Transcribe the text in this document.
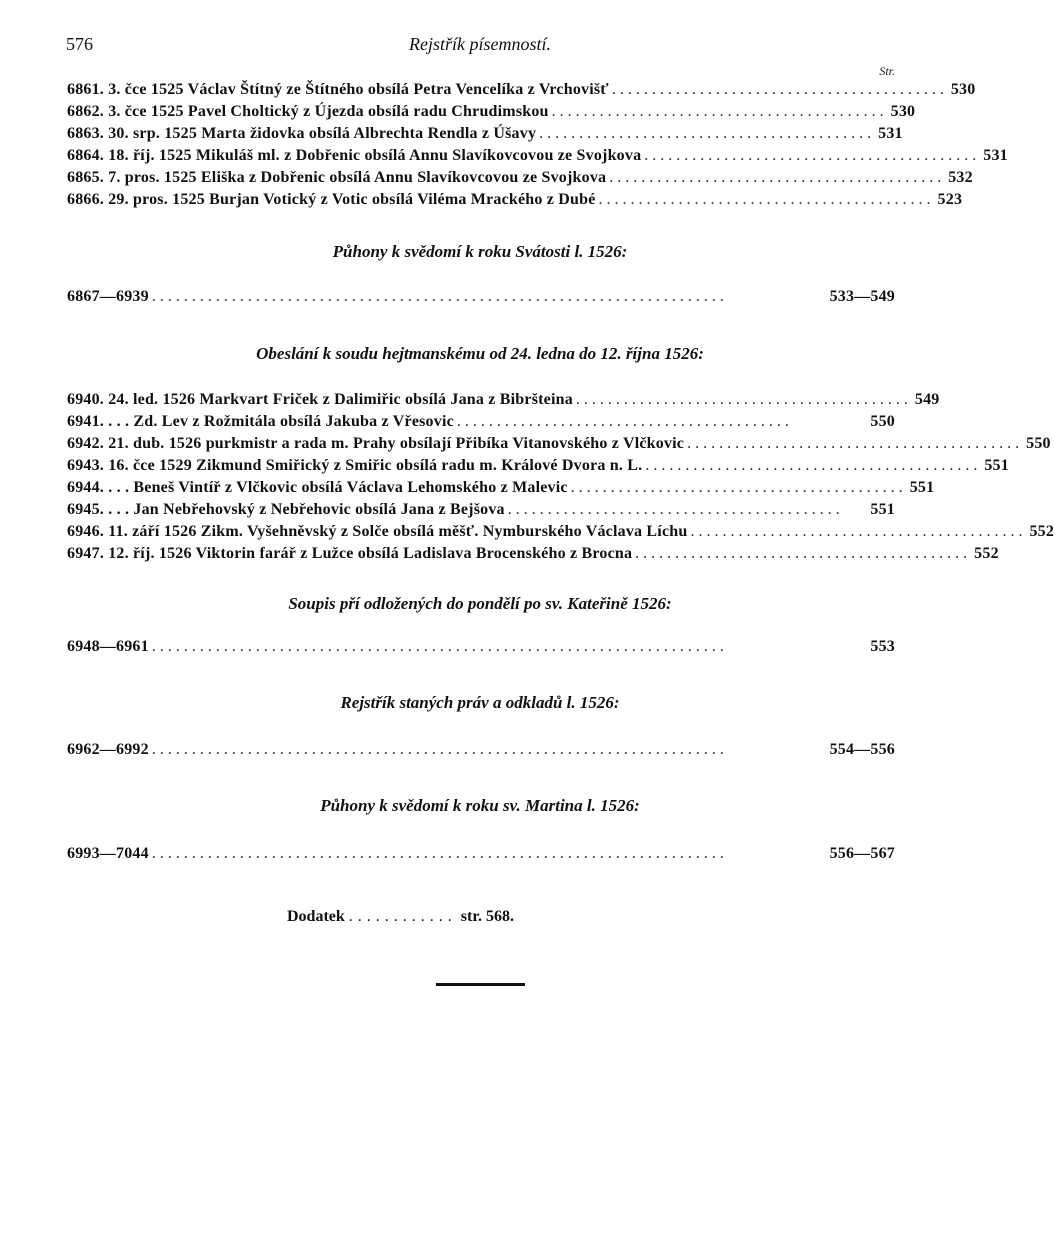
576	Rejstřík písemností.
Str.
6861. 3. čce 1525 Václav Štítný ze Štítného obsílá Petra Vencelíka z Vrchovišť .......................................... 530
6862. 3. čce 1525 Pavel Choltický z Újezda obsílá radu Chrudimskou .......................................... 530
6863. 30. srp. 1525 Marta židovka obsílá Albrechta Rendla z Úšavy .......................................... 531
6864. 18. říj. 1525 Mikuláš ml. z Dobřenic obsílá Annu Slavíkovcovou ze Svojkova .......................................... 531
6865. 7. pros. 1525 Eliška z Dobřenic obsílá Annu Slavíkovcovou ze Svojkova .......................................... 532
6866. 29. pros. 1525 Burjan Votický z Votic obsílá Viléma Mrackého z Dubé .......................................... 523
Půhony k svědomí k roku Svátosti l. 1526:
6867—6939 ........................................................................	533—549
Obeslání k soudu hejtmanskému od 24. ledna do 12. října 1526:
6940. 24. led. 1526 Markvart Friček z Dalimiřic obsílá Jana z Bibršteina .......................................... 549
6941. . . . Zd. Lev z Rožmitála obsílá Jakuba z Vřesovic ..........................................	550
6942. 21. dub. 1526 purkmistr a rada m. Prahy obsílají Přibíka Vitanovského z Vlčkovic .......................................... 550
6943. 16. čce 1529 Zikmund Smiřický z Smiřic obsílá radu m. Králové Dvora n. L. .......................................... 551
6944. . . . Beneš Vintíř z Vlčkovic obsílá Václava Lehomského z Malevic .......................................... 551
6945. . . . Jan Nebřehovský z Nebřehovic obsílá Jana z Bejšova ..........................................	551
6946. 11. září 1526 Zikm. Vyšehněvský z Solče obsílá měšť. Nymburského Václava Líchu .......................................... 552
6947. 12. říj. 1526 Viktorin farář z Lužce obsílá Ladislava Brocenského z Brocna .......................................... 552
Soupis pří odložených do pondělí po sv. Kateřině 1526:
6948—6961 ........................................................................	553
Rejstřík staných práv a odkladů l. 1526:
6962—6992 ........................................................................	554—556
Půhony k svědomí k roku sv. Martina l. 1526:
6993—7044 ........................................................................	556—567
Dodatek ............ str. 568.
